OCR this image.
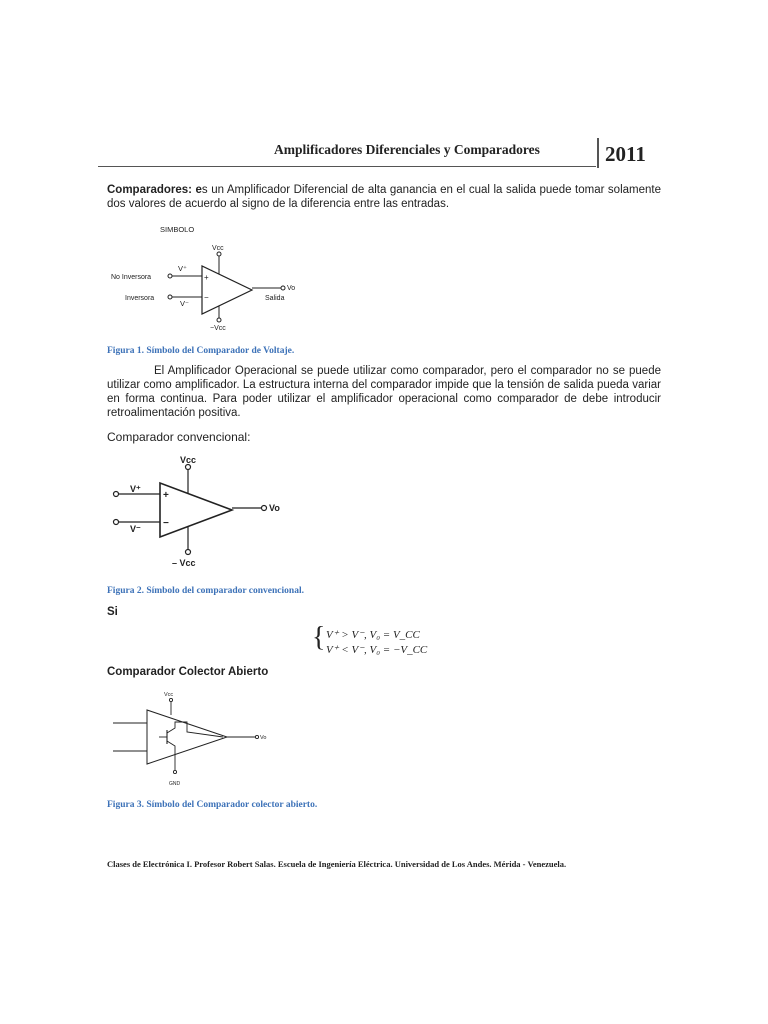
Amplificadores Diferenciales y Comparadores	2011
Comparadores: es un Amplificador Diferencial de alta ganancia en el cual la salida puede tomar solamente dos valores de acuerdo al signo de la diferencia entre las entradas.
SIMBOLO
Vcc
−Vcc
No Inversora
V⁺
+
Inversora
V⁻
−
Vo
Salida
Figura 1. Símbolo del Comparador de Voltaje.
El Amplificador Operacional se puede utilizar como comparador, pero el comparador no se puede utilizar como amplificador. La estructura interna del comparador impide que la tensión de salida pueda variar en forma continua. Para poder utilizar el amplificador operacional como comparador de debe introducir retroalimentación positiva.
Comparador convencional:
Vcc
– Vcc
V⁺
+
V⁻ −
Vo
Figura 2. Símbolo del comparador convencional.
Si
{ V⁺ > V⁻, V₀ = V_CC
V⁺ < V⁻, V₀ = −V_CC
Comparador Colector Abierto
Vcc
GND
Vo
Figura 3. Símbolo del Comparador colector abierto.
Clases de Electrónica I. Profesor Robert Salas. Escuela de Ingeniería Eléctrica. Universidad de Los Andes. Mérida - Venezuela.
